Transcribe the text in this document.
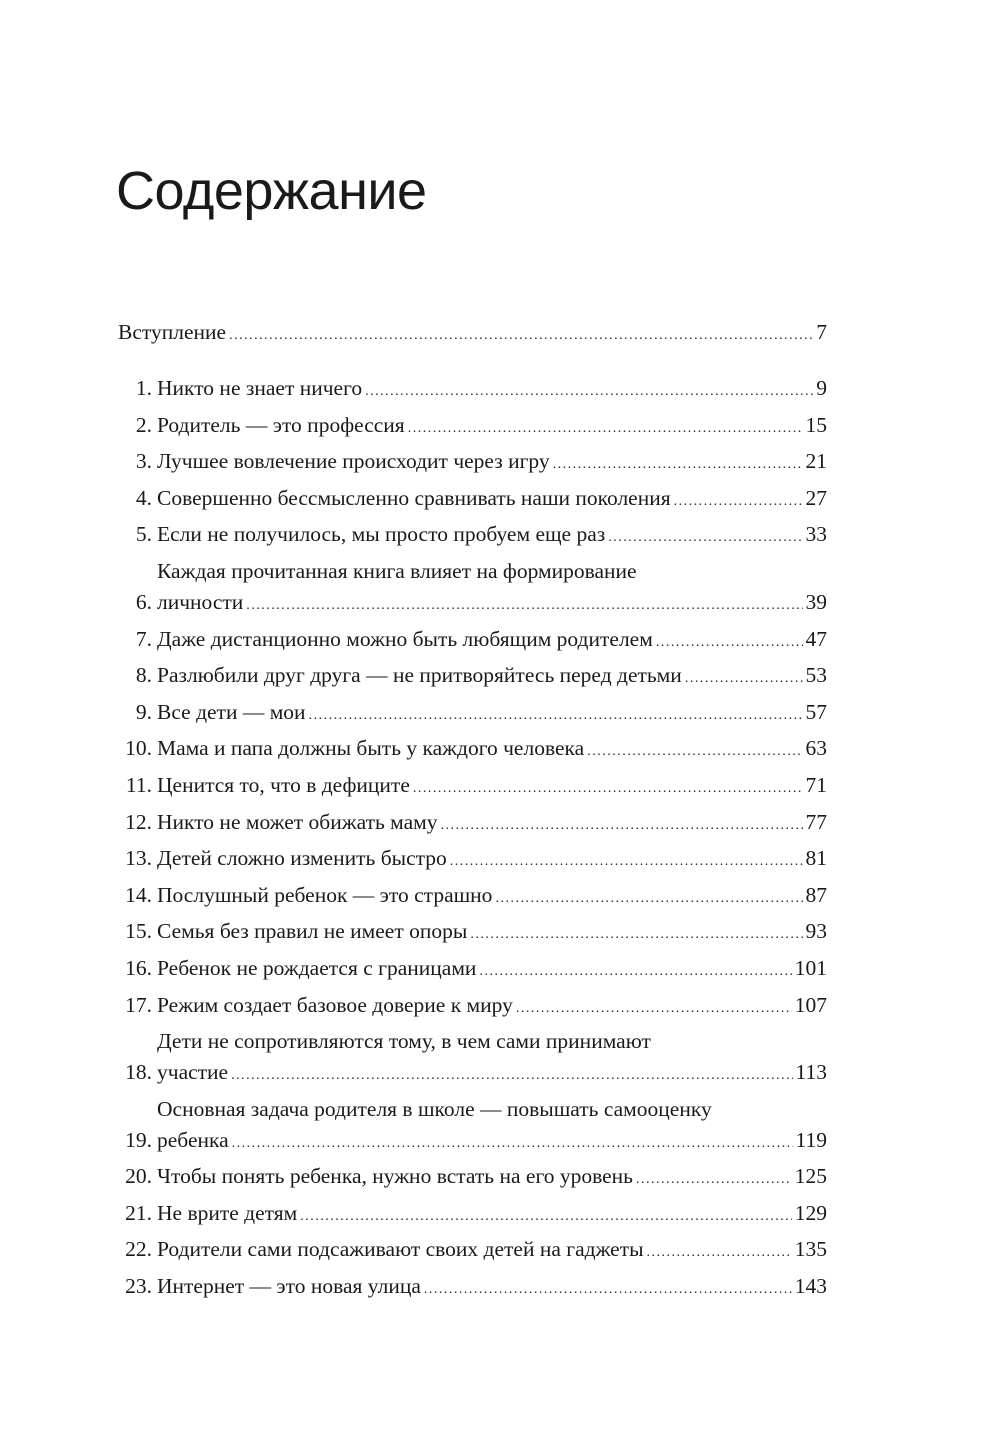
Содержание
Вступление .....	7
1. Никто не знает ничего .....	9
2. Родитель — это профессия .....	15
3. Лучшее вовлечение происходит через игру .....	21
4. Совершенно бессмысленно сравнивать наши поколения .....	27
5. Если не получилось, мы просто пробуем еще раз .....	33
6.
Каждая прочитанная книга влияет на формирование
личности .....	39
7. Даже дистанционно можно быть любящим родителем .....	47
8. Разлюбили друг друга — не притворяйтесь перед детьми .....	53
9. Все дети — мои .....	57
10. Мама и папа должны быть у каждого человека .....	63
11. Ценится то, что в дефиците .....	71
12. Никто не может обижать маму .....	77
13. Детей сложно изменить быстро .....	81
14. Послушный ребенок — это страшно .....	87
15. Семья без правил не имеет опоры .....	93
16. Ребенок не рождается с границами .....	101
17. Режим создает базовое доверие к миру .....	107
18.
Дети не сопротивляются тому, в чем сами принимают
участие .....	113
19.
Основная задача родителя в школе — повышать самооценку
ребенка .....	119
20. Чтобы понять ребенка, нужно встать на его уровень .....	125
21. Не врите детям .....	129
22. Родители сами подсаживают своих детей на гаджеты .....	135
23. Интернет — это новая улица .....	143
